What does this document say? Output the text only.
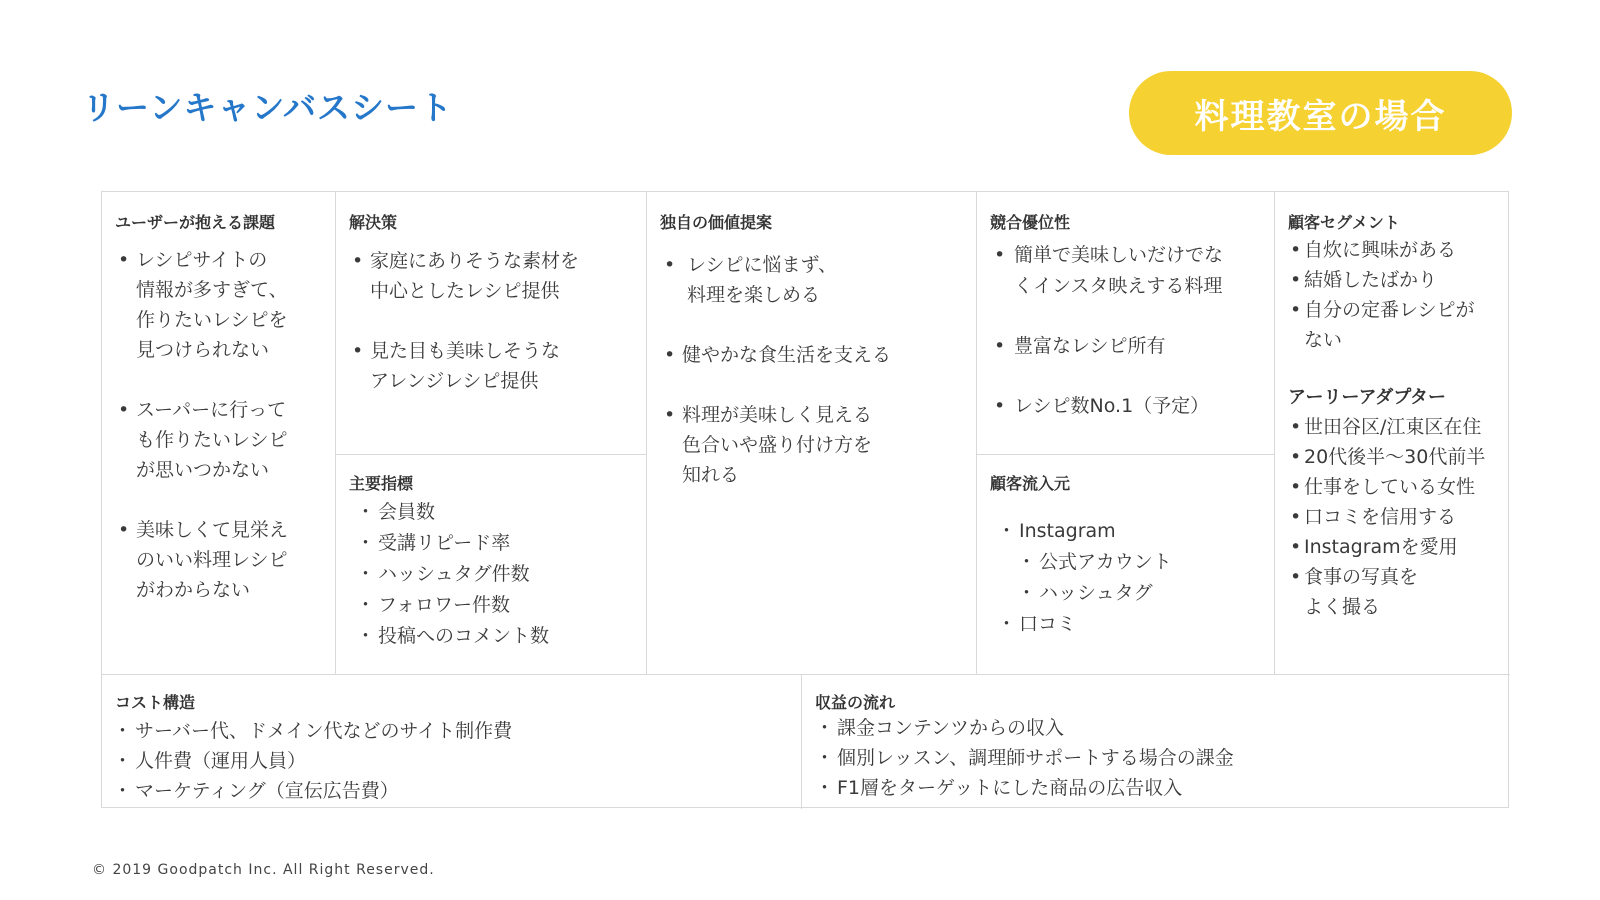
リーンキャンバスシート	料理教室の場合
ユーザーが抱える課題
• レシピサイトの
情報が多すぎて、
作りたいレシピを
見つけられない
• スーパーに行って
も作りたいレシピ
が思いつかない
• 美味しくて見栄え
のいい料理レシピ
がわからない
解決策
• 家庭にありそうな素材を
中心としたレシピ提供
• 見た目も美味しそうな
アレンジレシピ提供
主要指標
・ 会員数
・ 受講リピード率
・ ハッシュタグ件数
・ フォロワー件数
・ 投稿へのコメント数
独自の価値提案
• レシピに悩まず、
料理を楽しめる
• 健やかな食生活を支える
• 料理が美味しく見える
色合いや盛り付け方を
知れる
競合優位性
• 簡単で美味しいだけでな
くインスタ映えする料理
• 豊富なレシピ所有
• レシピ数No.1（予定）
顧客流入元
・ Instagram
・ 公式アカウント
・ ハッシュタグ
・ 口コミ
顧客セグメント
• 自炊に興味がある
• 結婚したばかり
• 自分の定番レシピが
ない
アーリーアダプター
• 世田谷区/江東区在住
• 20代後半〜30代前半
• 仕事をしている女性
• 口コミを信用する
• Instagramを愛用
• 食事の写真を
よく撮る
コスト構造
・ サーバー代、ドメイン代などのサイト制作費
・ 人件費（運用人員）
・ マーケティング（宣伝広告費）
収益の流れ
・ 課金コンテンツからの収入
・ 個別レッスン、調理師サポートする場合の課金
・ F1層をターゲットにした商品の広告収入
© 2019 Goodpatch Inc. All Right Reserved.
